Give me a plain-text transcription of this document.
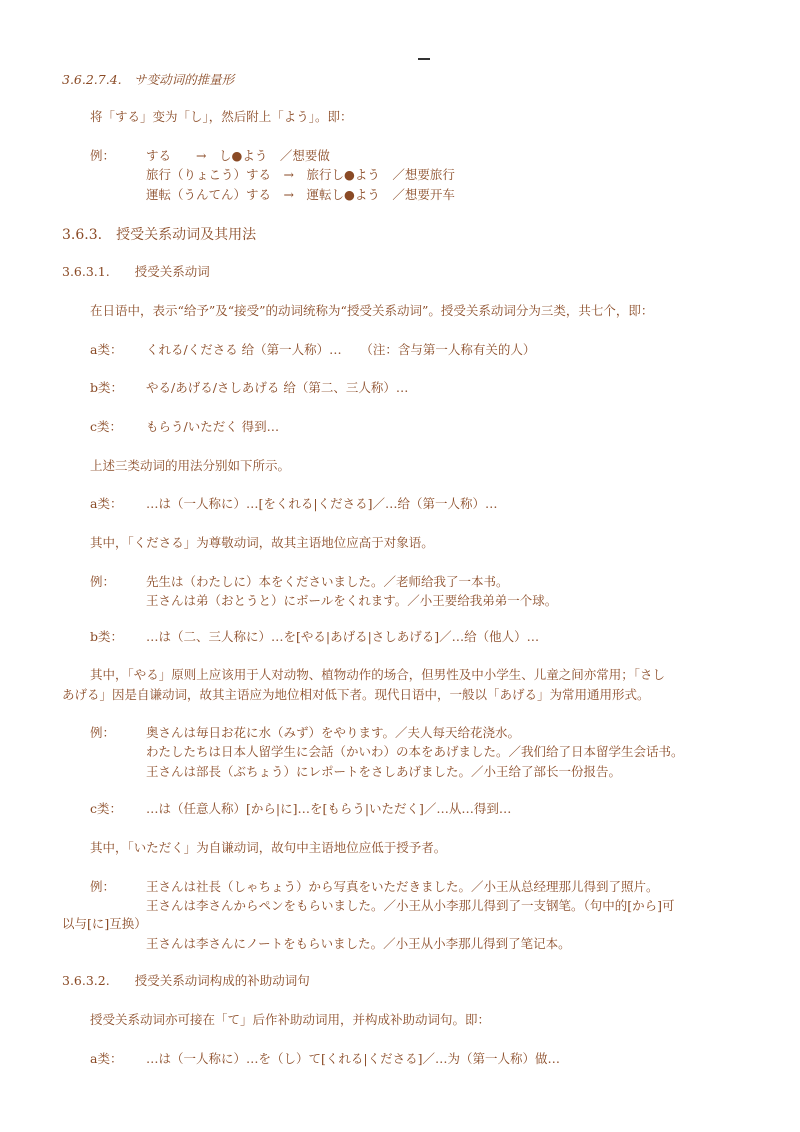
3.6.2.7.4.　サ变动词的推量形
将「する」变为「し」，然后附上「よう」。即：
例： する　　→　し●よう　／想要做
旅行（りょこう）する　→　旅行し●よう　／想要旅行
運転（うんてん）する　→　運転し●よう　／想要开车
3.6.3.　授受关系动词及其用法
3.6.3.1.　　授受关系动词
在日语中，表示“给予”及“接受”的动词统称为“授受关系动词”。授受关系动词分为三类，共七个，即：
a类： くれる/くださる 给（第一人称）…　　（注：含与第一人称有关的人）
b类： やる/あげる/さしあげる 给（第二、三人称）…
c类： もらう/いただく 得到…
上述三类动词的用法分别如下所示。
a类： …は（一人称に）…[をくれる|くださる]／…给（第一人称）…
其中，「くださる」为尊敬动词，故其主语地位应高于对象语。
例： 先生は（わたしに）本をくださいました。／老师给我了一本书。
王さんは弟（おとうと）にボールをくれます。／小王要给我弟弟一个球。
b类： …は（二、三人称に）…を[やる|あげる|さしあげる]／…给（他人）…
其中，「やる」原则上应该用于人对动物、植物动作的场合，但男性及中小学生、儿童之间亦常用；「さし
あげる」因是自谦动词，故其主语应为地位相对低下者。现代日语中，一般以「あげる」为常用通用形式。
例： 奥さんは毎日お花に水（みず）をやります。／夫人每天给花浇水。
わたしたちは日本人留学生に会話（かいわ）の本をあげました。／我们给了日本留学生会话书。
王さんは部長（ぶちょう）にレポートをさしあげました。／小王给了部长一份报告。
c类： …は（任意人称）[から|に]…を[もらう|いただく]／…从…得到…
其中，「いただく」为自谦动词，故句中主语地位应低于授予者。
例： 王さんは社長（しゃちょう）から写真をいただきました。／小王从总经理那儿得到了照片。
王さんは李さんからペンをもらいました。／小王从小李那儿得到了一支钢笔。（句中的[から]可
以与[に]互换）
王さんは李さんにノートをもらいました。／小王从小李那儿得到了笔记本。
3.6.3.2.　　授受关系动词构成的补助动词句
授受关系动词亦可接在「て」后作补助动词用，并构成补助动词句。即：
a类： …は（一人称に）…を（し）て[くれる|くださる]／…为（第一人称）做…
